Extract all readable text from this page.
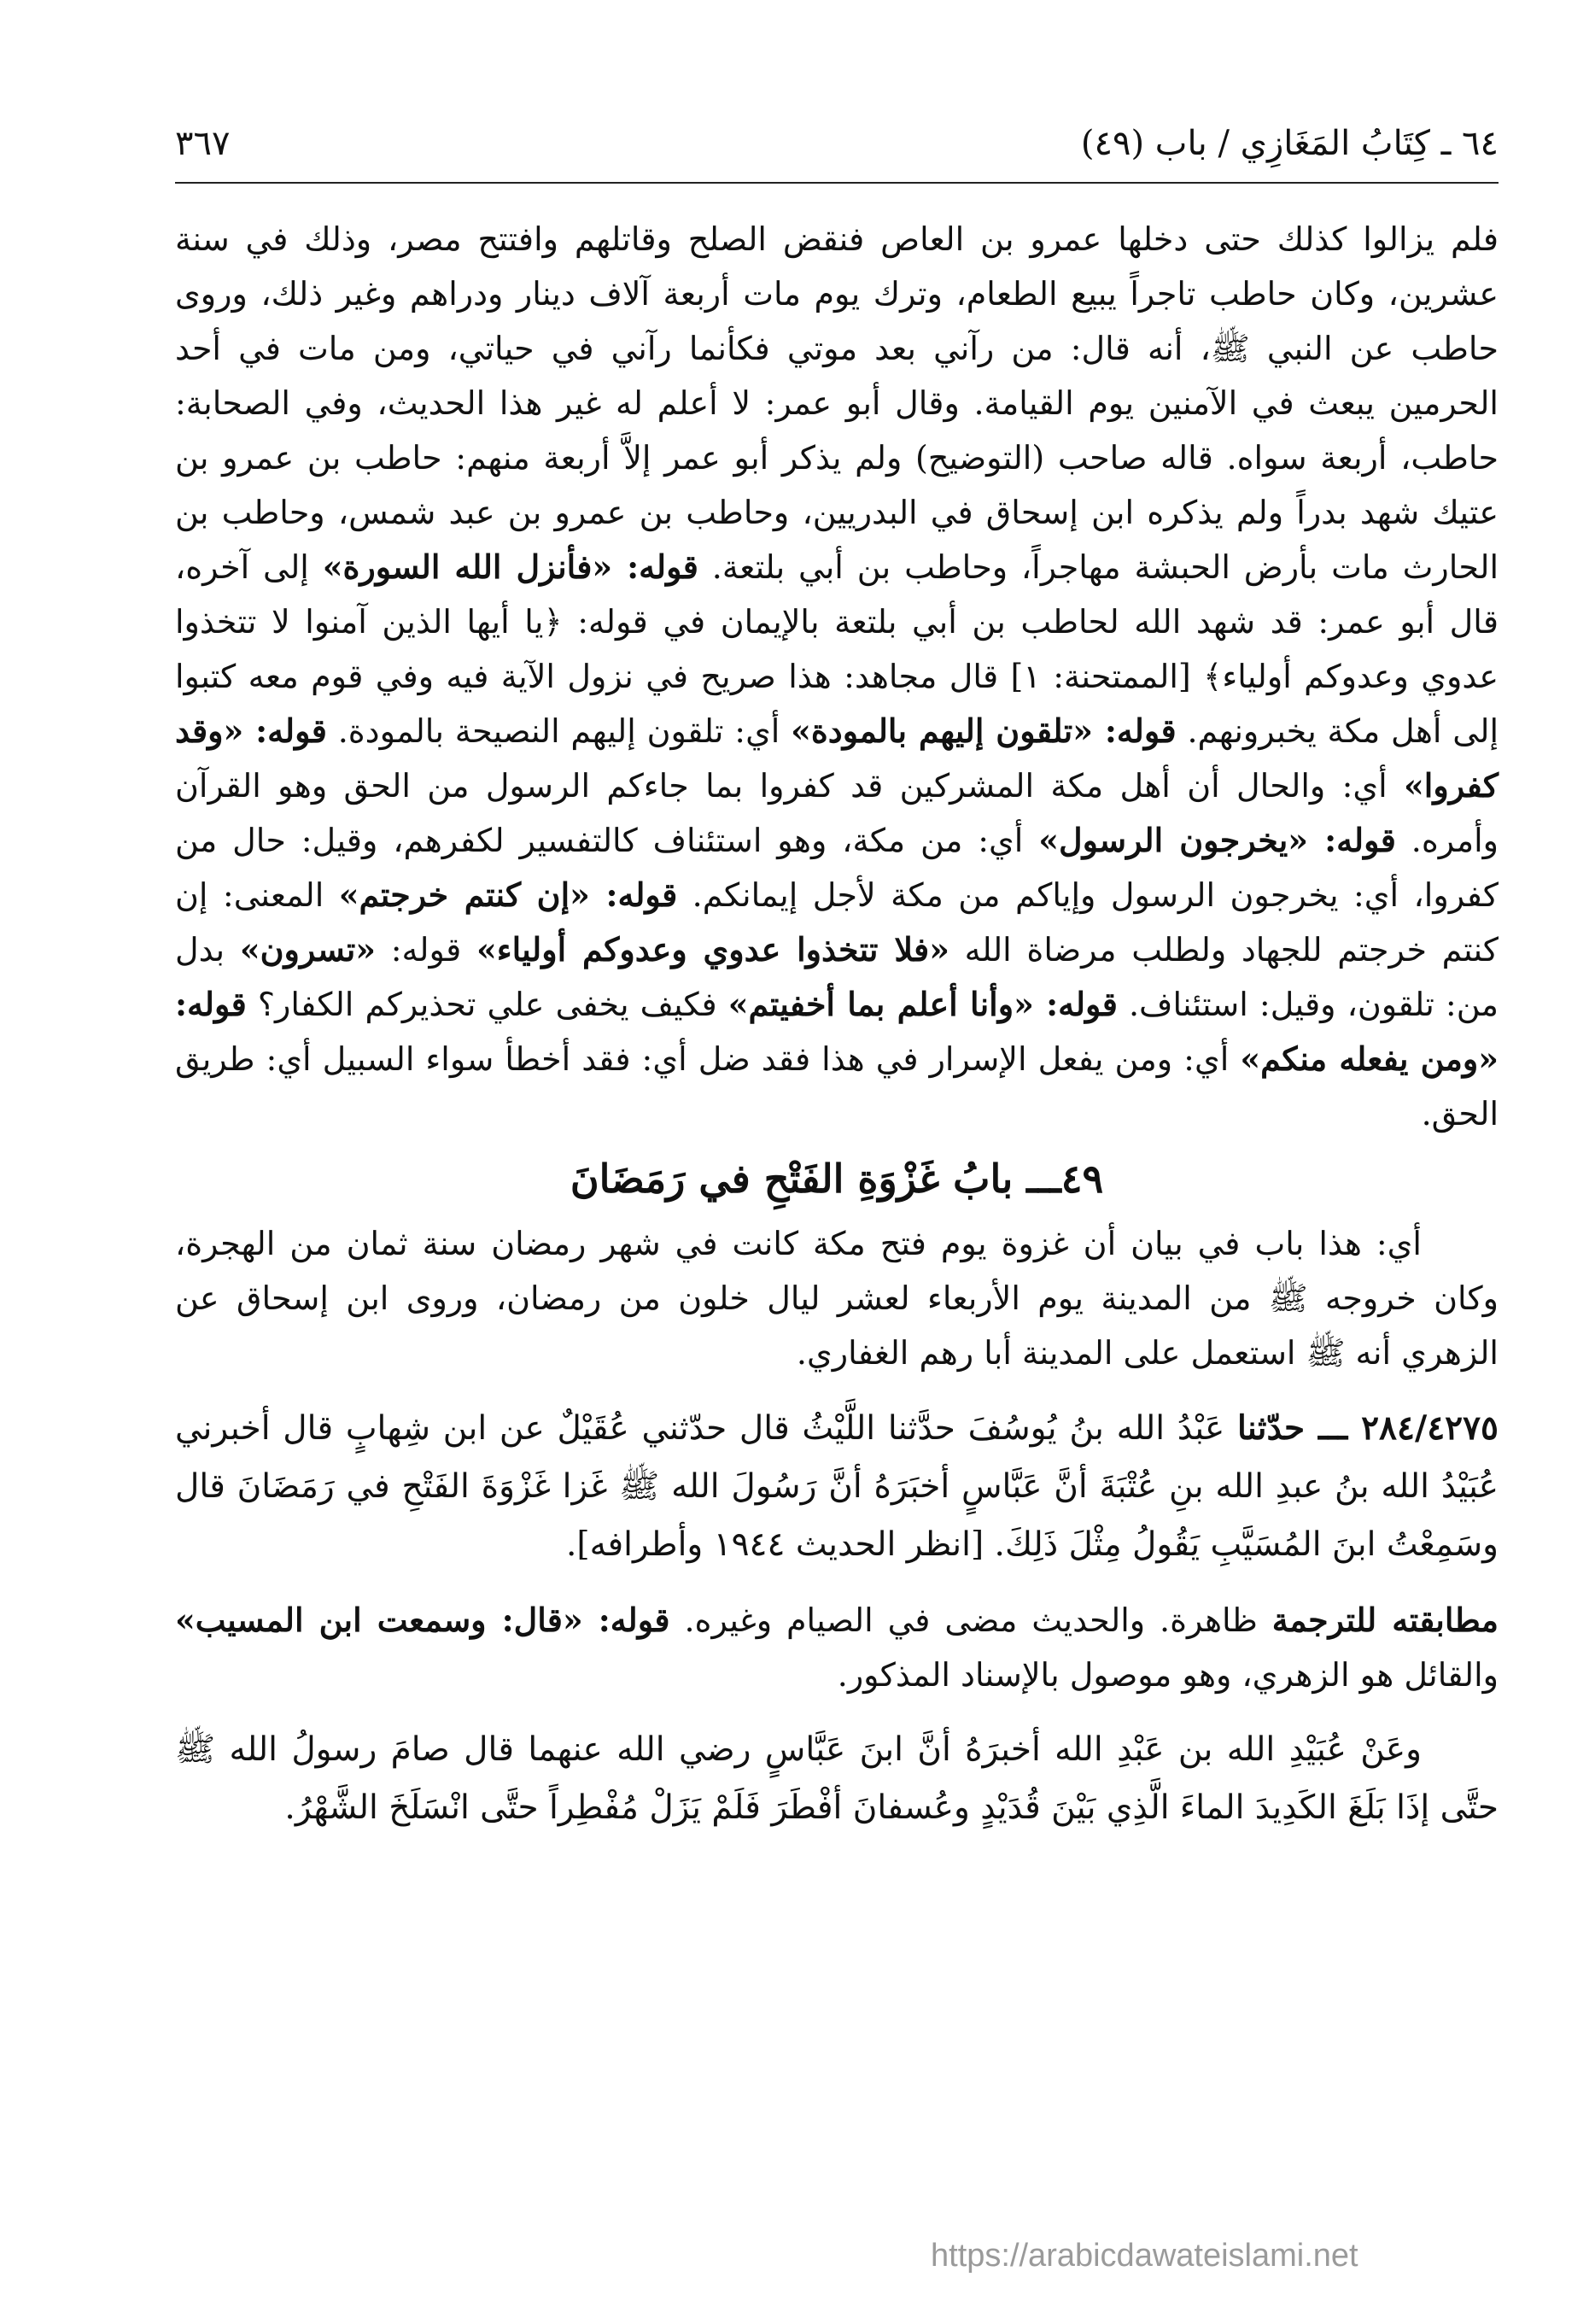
٦٤ ـ كِتَابُ المَغَازِي / باب (٤٩)
٣٦٧

فلم يزالوا كذلك حتى دخلها عمرو بن العاص فنقض الصلح وقاتلهم وافتتح مصر، وذلك في سنة عشرين، وكان حاطب تاجراً يبيع الطعام، وترك يوم مات أربعة آلاف دينار ودراهم وغير ذلك، وروى حاطب عن النبي ﷺ، أنه قال: من رآني بعد موتي فكأنما رآني في حياتي، ومن مات في أحد الحرمين يبعث في الآمنين يوم القيامة. وقال أبو عمر: لا أعلم له غير هذا الحديث، وفي الصحابة: حاطب، أربعة سواه. قاله صاحب (التوضيح) ولم يذكر أبو عمر إلاَّ أربعة منهم: حاطب بن عمرو بن عتيك شهد بدراً ولم يذكره ابن إسحاق في البدريين، وحاطب بن عمرو بن عبد شمس، وحاطب بن الحارث مات بأرض الحبشة مهاجراً، وحاطب بن أبي بلتعة. قوله: «فأنزل الله السورة» إلى آخره، قال أبو عمر: قد شهد الله لحاطب بن أبي بلتعة بالإيمان في قوله: ﴿يا أيها الذين آمنوا لا تتخذوا عدوي وعدوكم أولياء﴾ [الممتحنة: ١] قال مجاهد: هذا صريح في نزول الآية فيه وفي قوم معه كتبوا إلى أهل مكة يخبرونهم. قوله: «تلقون إليهم بالمودة» أي: تلقون إليهم النصيحة بالمودة. قوله: «وقد كفروا» أي: والحال أن أهل مكة المشركين قد كفروا بما جاءكم الرسول من الحق وهو القرآن وأمره. قوله: «يخرجون الرسول» أي: من مكة، وهو استئناف كالتفسير لكفرهم، وقيل: حال من كفروا، أي: يخرجون الرسول وإياكم من مكة لأجل إيمانكم. قوله: «إن كنتم خرجتم» المعنى: إن كنتم خرجتم للجهاد ولطلب مرضاة الله «فلا تتخذوا عدوي وعدوكم أولياء» قوله: «تسرون» بدل من: تلقون، وقيل: استئناف. قوله: «وأنا أعلم بما أخفيتم» فكيف يخفى علي تحذيركم الكفار؟ قوله: «ومن يفعله منكم» أي: ومن يفعل الإسرار في هذا فقد ضل أي: فقد أخطأ سواء السبيل أي: طريق الحق.

٤٩ـــ بابُ غَزْوَةِ الفَتْحِ في رَمَضَانَ

أي: هذا باب في بيان أن غزوة يوم فتح مكة كانت في شهر رمضان سنة ثمان من الهجرة، وكان خروجه ﷺ من المدينة يوم الأربعاء لعشر ليال خلون من رمضان، وروى ابن إسحاق عن الزهري أنه ﷺ استعمل على المدينة أبا رهم الغفاري.

٢٨٤/٤٢٧٥ ـــ حدّثنا عَبْدُ الله بنُ يُوسُفَ حدَّثنا اللَّيْثُ قال حدّثني عُقَيْلٌ عن ابن شِهابٍ قال أخبرني عُبَيْدُ الله بنُ عبدِ الله بنِ عُتْبَةَ أنَّ عَبَّاسٍ أخبَرَهُ أنَّ رَسُولَ الله ﷺ غَزا غَزْوَةَ الفَتْحِ في رَمَضَانَ قال وسَمِعْتُ ابنَ المُسَيَّبِ يَقُولُ مِثْلَ ذَلِكَ. [انظر الحديث ١٩٤٤ وأطرافه].

مطابقته للترجمة ظاهرة. والحديث مضى في الصيام وغيره. قوله: «قال: وسمعت ابن المسيب» والقائل هو الزهري، وهو موصول بالإسناد المذكور.

وعَنْ عُبَيْدِ الله بن عَبْدِ الله أخبرَهُ أنَّ ابنَ عَبَّاسٍ رضي الله عنهما قال صامَ رسولُ الله ﷺ حتَّى إذَا بَلَغَ الكَدِيدَ الماءَ الَّذِي بَيْنَ قُدَيْدٍ وعُسفانَ أفْطَرَ فَلَمْ يَزَلْ مُفْطِراً حتَّى انْسَلَخَ الشَّهْرُ.

https://arabicdawateislami.net
